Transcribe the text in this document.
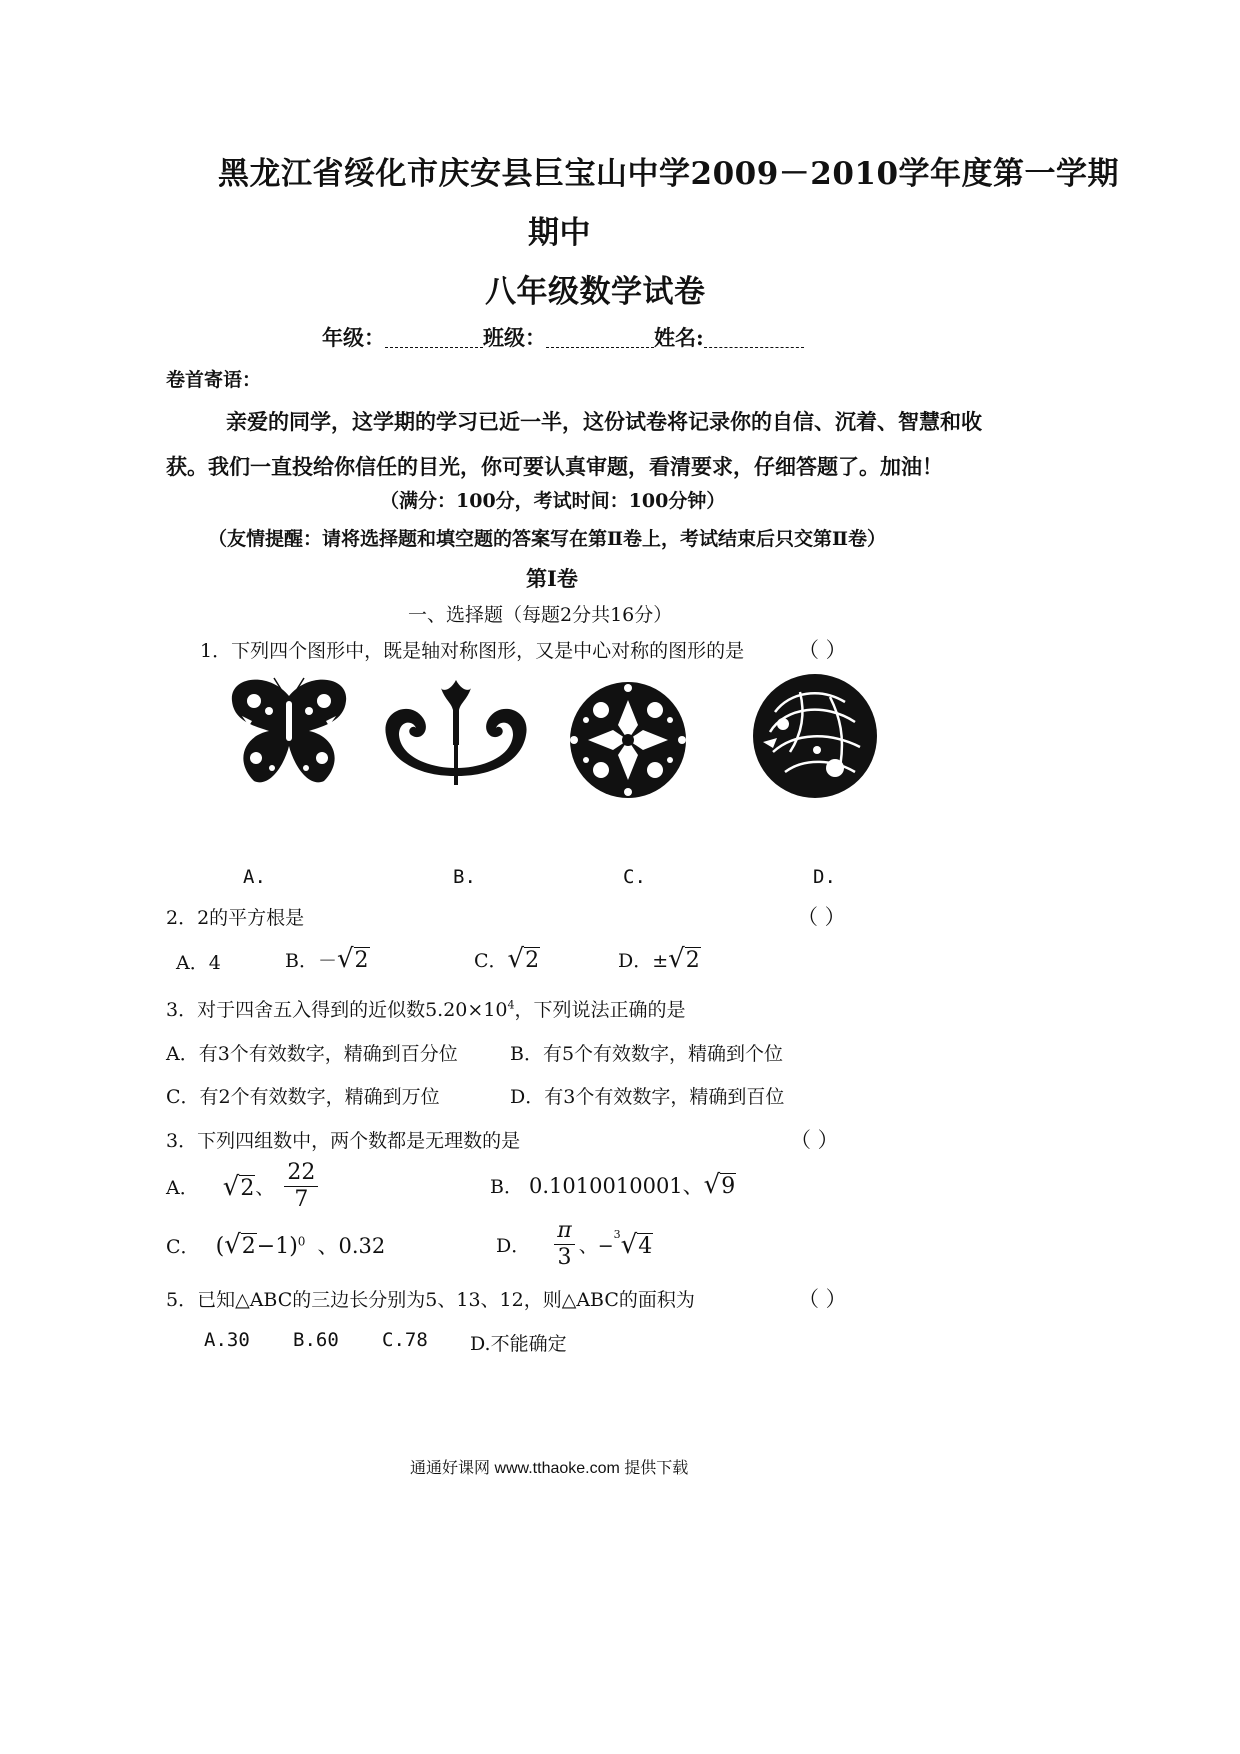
黑龙江省绥化市庆安县巨宝山中学2009－2010学年度第一学期
期中
八年级数学试卷
年级：	班级：	姓名:
卷首寄语：
亲爱的同学，这学期的学习已近一半，这份试卷将记录你的自信、沉着、智慧和收
获。我们一直投给你信任的目光，你可要认真审题，看清要求，仔细答题了。加油！
（满分：100分，考试时间：100分钟）
（友情提醒：请将选择题和填空题的答案写在第Ⅱ卷上，考试结束后只交第Ⅱ卷）
第Ⅰ卷
一、选择题（每题2分共16分）
1．下列四个图形中，既是轴对称图形，又是中心对称的图形的是	（ ）
A.	B.	C.	D.
2．2的平方根是	（ ）
A．4	B．－√2	C．√2	D．±√2
3．对于四舍五入得到的近似数$5.20\times 10^4$，下列说法正确的是
A．有3个有效数字，精确到百分位	B．有5个有效数字，精确到个位
C．有2个有效数字，精确到万位	D．有3个有效数字，精确到百位
3．下列四组数中，两个数都是无理数的是	（ ）
A． √2、 $\frac{22}{7}$	B． 0.1010010001、√9
C． $(√2-1)^0$ 、0.32	D． $\frac{\pi}{3}$ 、−$^3$√4
5．已知△ABC的三边长分别为5、13、12，则△ABC的面积为	（ ）
A.30 B.60 C.78 D.不能确定
通通好课网 www.tthaoke.com 提供下载
